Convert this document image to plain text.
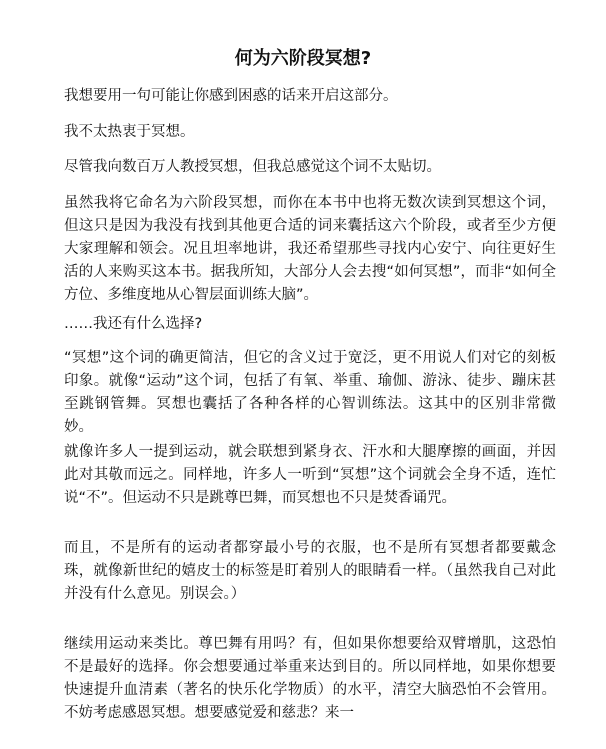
何为六阶段冥想?

我想要用一句可能让你感到困惑的话来开启这部分。

我不太热衷于冥想。

尽管我向数百万人教授冥想，但我总感觉这个词不太贴切。

虽然我将它命名为六阶段冥想，而你在本书中也将无数次读到冥想这个词，但这只是因为我没有找到其他更合适的词来囊括这六个阶段，或者至少方便大家理解和领会。况且坦率地讲，我还希望那些寻找内心安宁、向往更好生活的人来购买这本书。据我所知，大部分人会去搜“如何冥想”，而非“如何全方位、多维度地从心智层面训练大脑”。

……我还有什么选择?

“冥想”这个词的确更简洁，但它的含义过于宽泛，更不用说人们对它的刻板印象。就像“运动”这个词，包括了有氧、举重、瑜伽、游泳、徒步、蹦床甚至跳钢管舞。冥想也囊括了各种各样的心智训练法。这其中的区别非常微妙。

就像许多人一提到运动，就会联想到紧身衣、汗水和大腿摩擦的画面，并因此对其敬而远之。同样地，许多人一听到“冥想”这个词就会全身不适，连忙说“不”。但运动不只是跳尊巴舞，而冥想也不只是焚香诵咒。

而且，不是所有的运动者都穿最小号的衣服，也不是所有冥想者都要戴念珠，就像新世纪的嬉皮士的标签是盯着别人的眼睛看一样。（虽然我自己对此并没有什么意见。别误会。）

继续用运动来类比。尊巴舞有用吗？有，但如果你想要给双臂增肌，这恐怕不是最好的选择。你会想要通过举重来达到目的。所以同样地，如果你想要快速提升血清素（著名的快乐化学物质）的水平，清空大脑恐怕不会管用。不妨考虑感恩冥想。想要感觉爱和慈悲？来一
